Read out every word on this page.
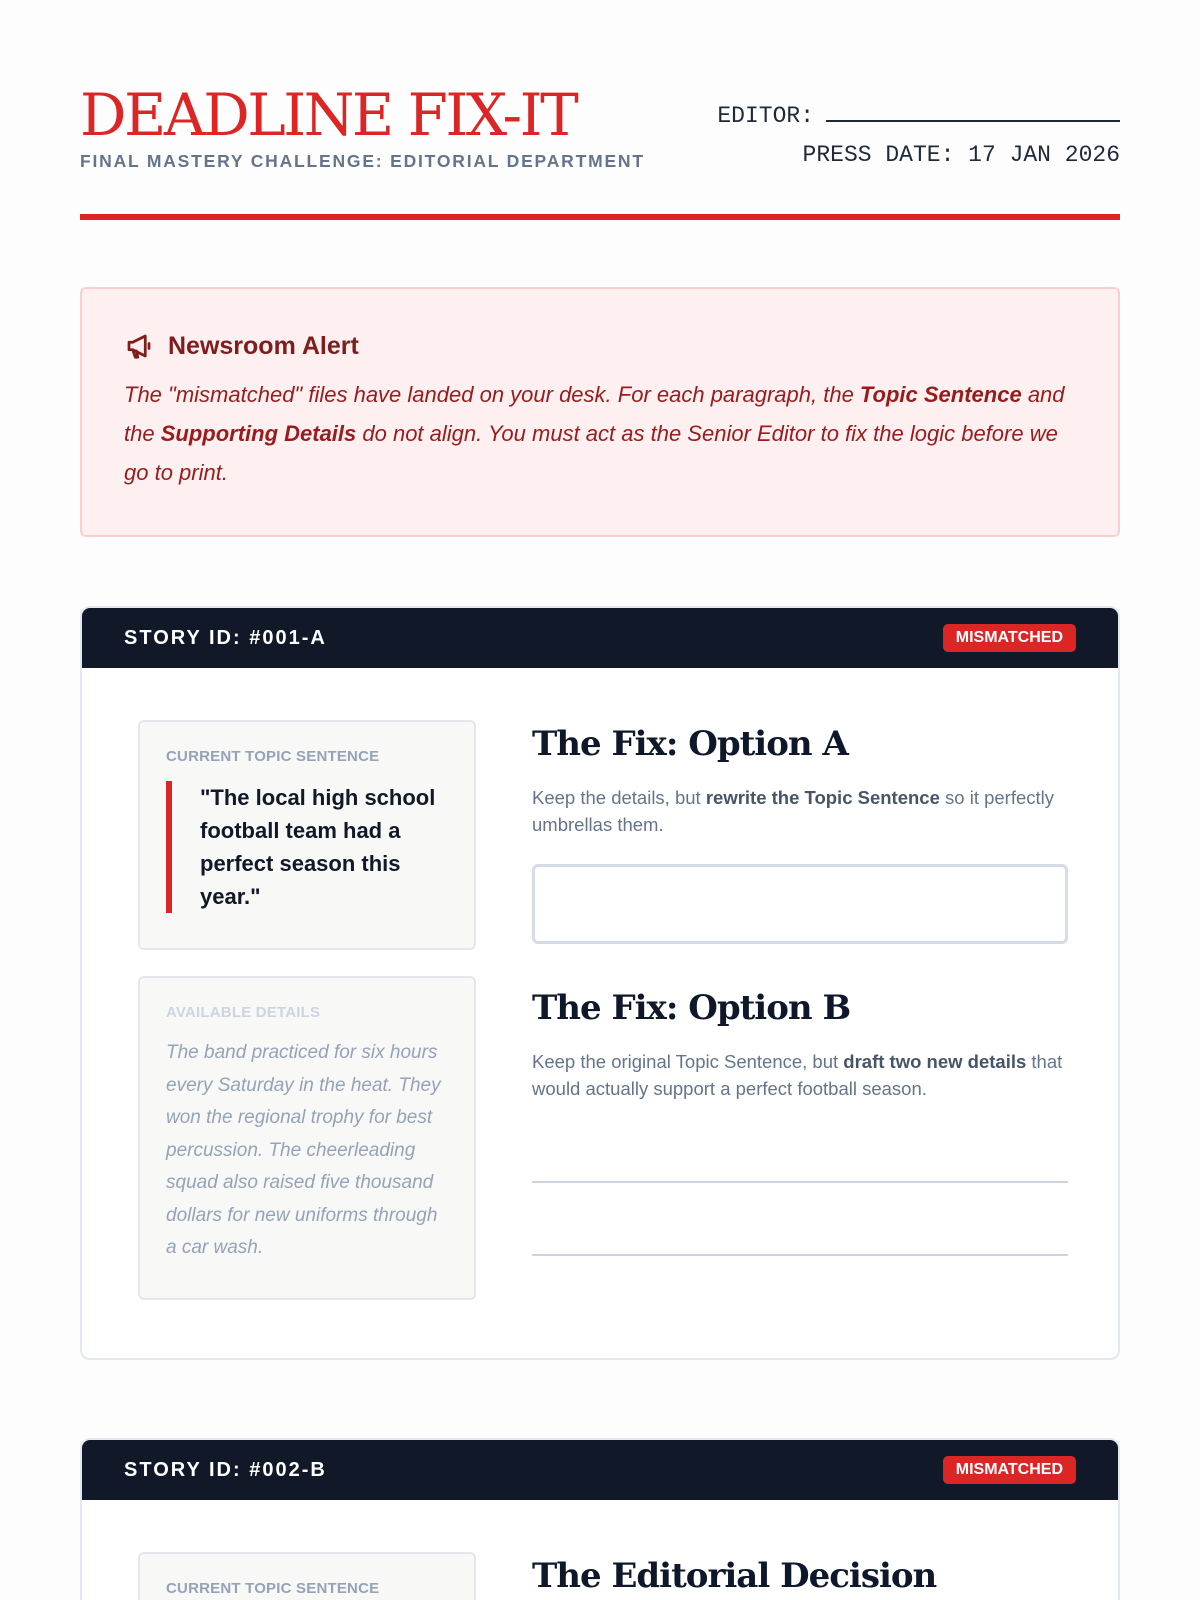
DEADLINE FIX-IT
FINAL MASTERY CHALLENGE: EDITORIAL DEPARTMENT
EDITOR:
PRESS DATE: 17 JAN 2026
Newsroom Alert

The "mismatched" files have landed on your desk. For each paragraph, the Topic Sentence and the Supporting Details do not align. You must act as the Senior Editor to fix the logic before we go to print.

STORY ID: #001-A	MISMATCHED
CURRENT TOPIC SENTENCE
"The local high school football team had a perfect season this year."
AVAILABLE DETAILS
The band practiced for six hours every Saturday in the heat. They won the regional trophy for best percussion. The cheerleading squad also raised five thousand dollars for new uniforms through a car wash.
The Fix: Option A

Keep the details, but rewrite the Topic Sentence so it perfectly umbrellas them.

The Fix: Option B

Keep the original Topic Sentence, but draft two new details that would actually support a perfect football season.

STORY ID: #002-B	MISMATCHED
CURRENT TOPIC SENTENCE	The Editorial Decision
